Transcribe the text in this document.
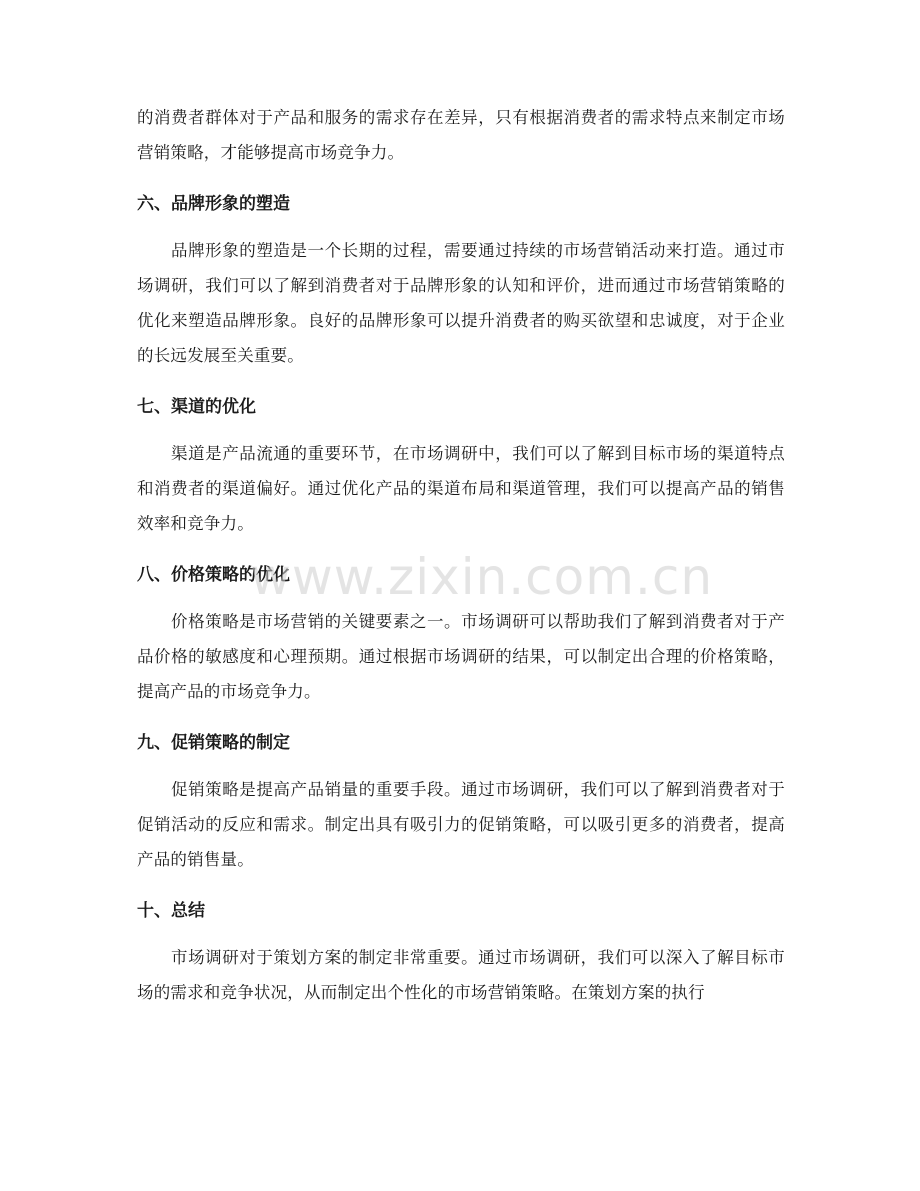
的消费者群体对于产品和服务的需求存在差异，只有根据消费者的需求特点来制定市场营销策略，才能够提高市场竞争力。

六、品牌形象的塑造

品牌形象的塑造是一个长期的过程，需要通过持续的市场营销活动来打造。通过市场调研，我们可以了解到消费者对于品牌形象的认知和评价，进而通过市场营销策略的优化来塑造品牌形象。良好的品牌形象可以提升消费者的购买欲望和忠诚度，对于企业的长远发展至关重要。

七、渠道的优化

渠道是产品流通的重要环节，在市场调研中，我们可以了解到目标市场的渠道特点和消费者的渠道偏好。通过优化产品的渠道布局和渠道管理，我们可以提高产品的销售效率和竞争力。

八、价格策略的优化

价格策略是市场营销的关键要素之一。市场调研可以帮助我们了解到消费者对于产品价格的敏感度和心理预期。通过根据市场调研的结果，可以制定出合理的价格策略，提高产品的市场竞争力。

九、促销策略的制定

促销策略是提高产品销量的重要手段。通过市场调研，我们可以了解到消费者对于促销活动的反应和需求。制定出具有吸引力的促销策略，可以吸引更多的消费者，提高产品的销售量。

十、总结

市场调研对于策划方案的制定非常重要。通过市场调研，我们可以深入了解目标市场的需求和竞争状况，从而制定出个性化的市场营销策略。在策划方案的执行

www.zixin.com.cn
